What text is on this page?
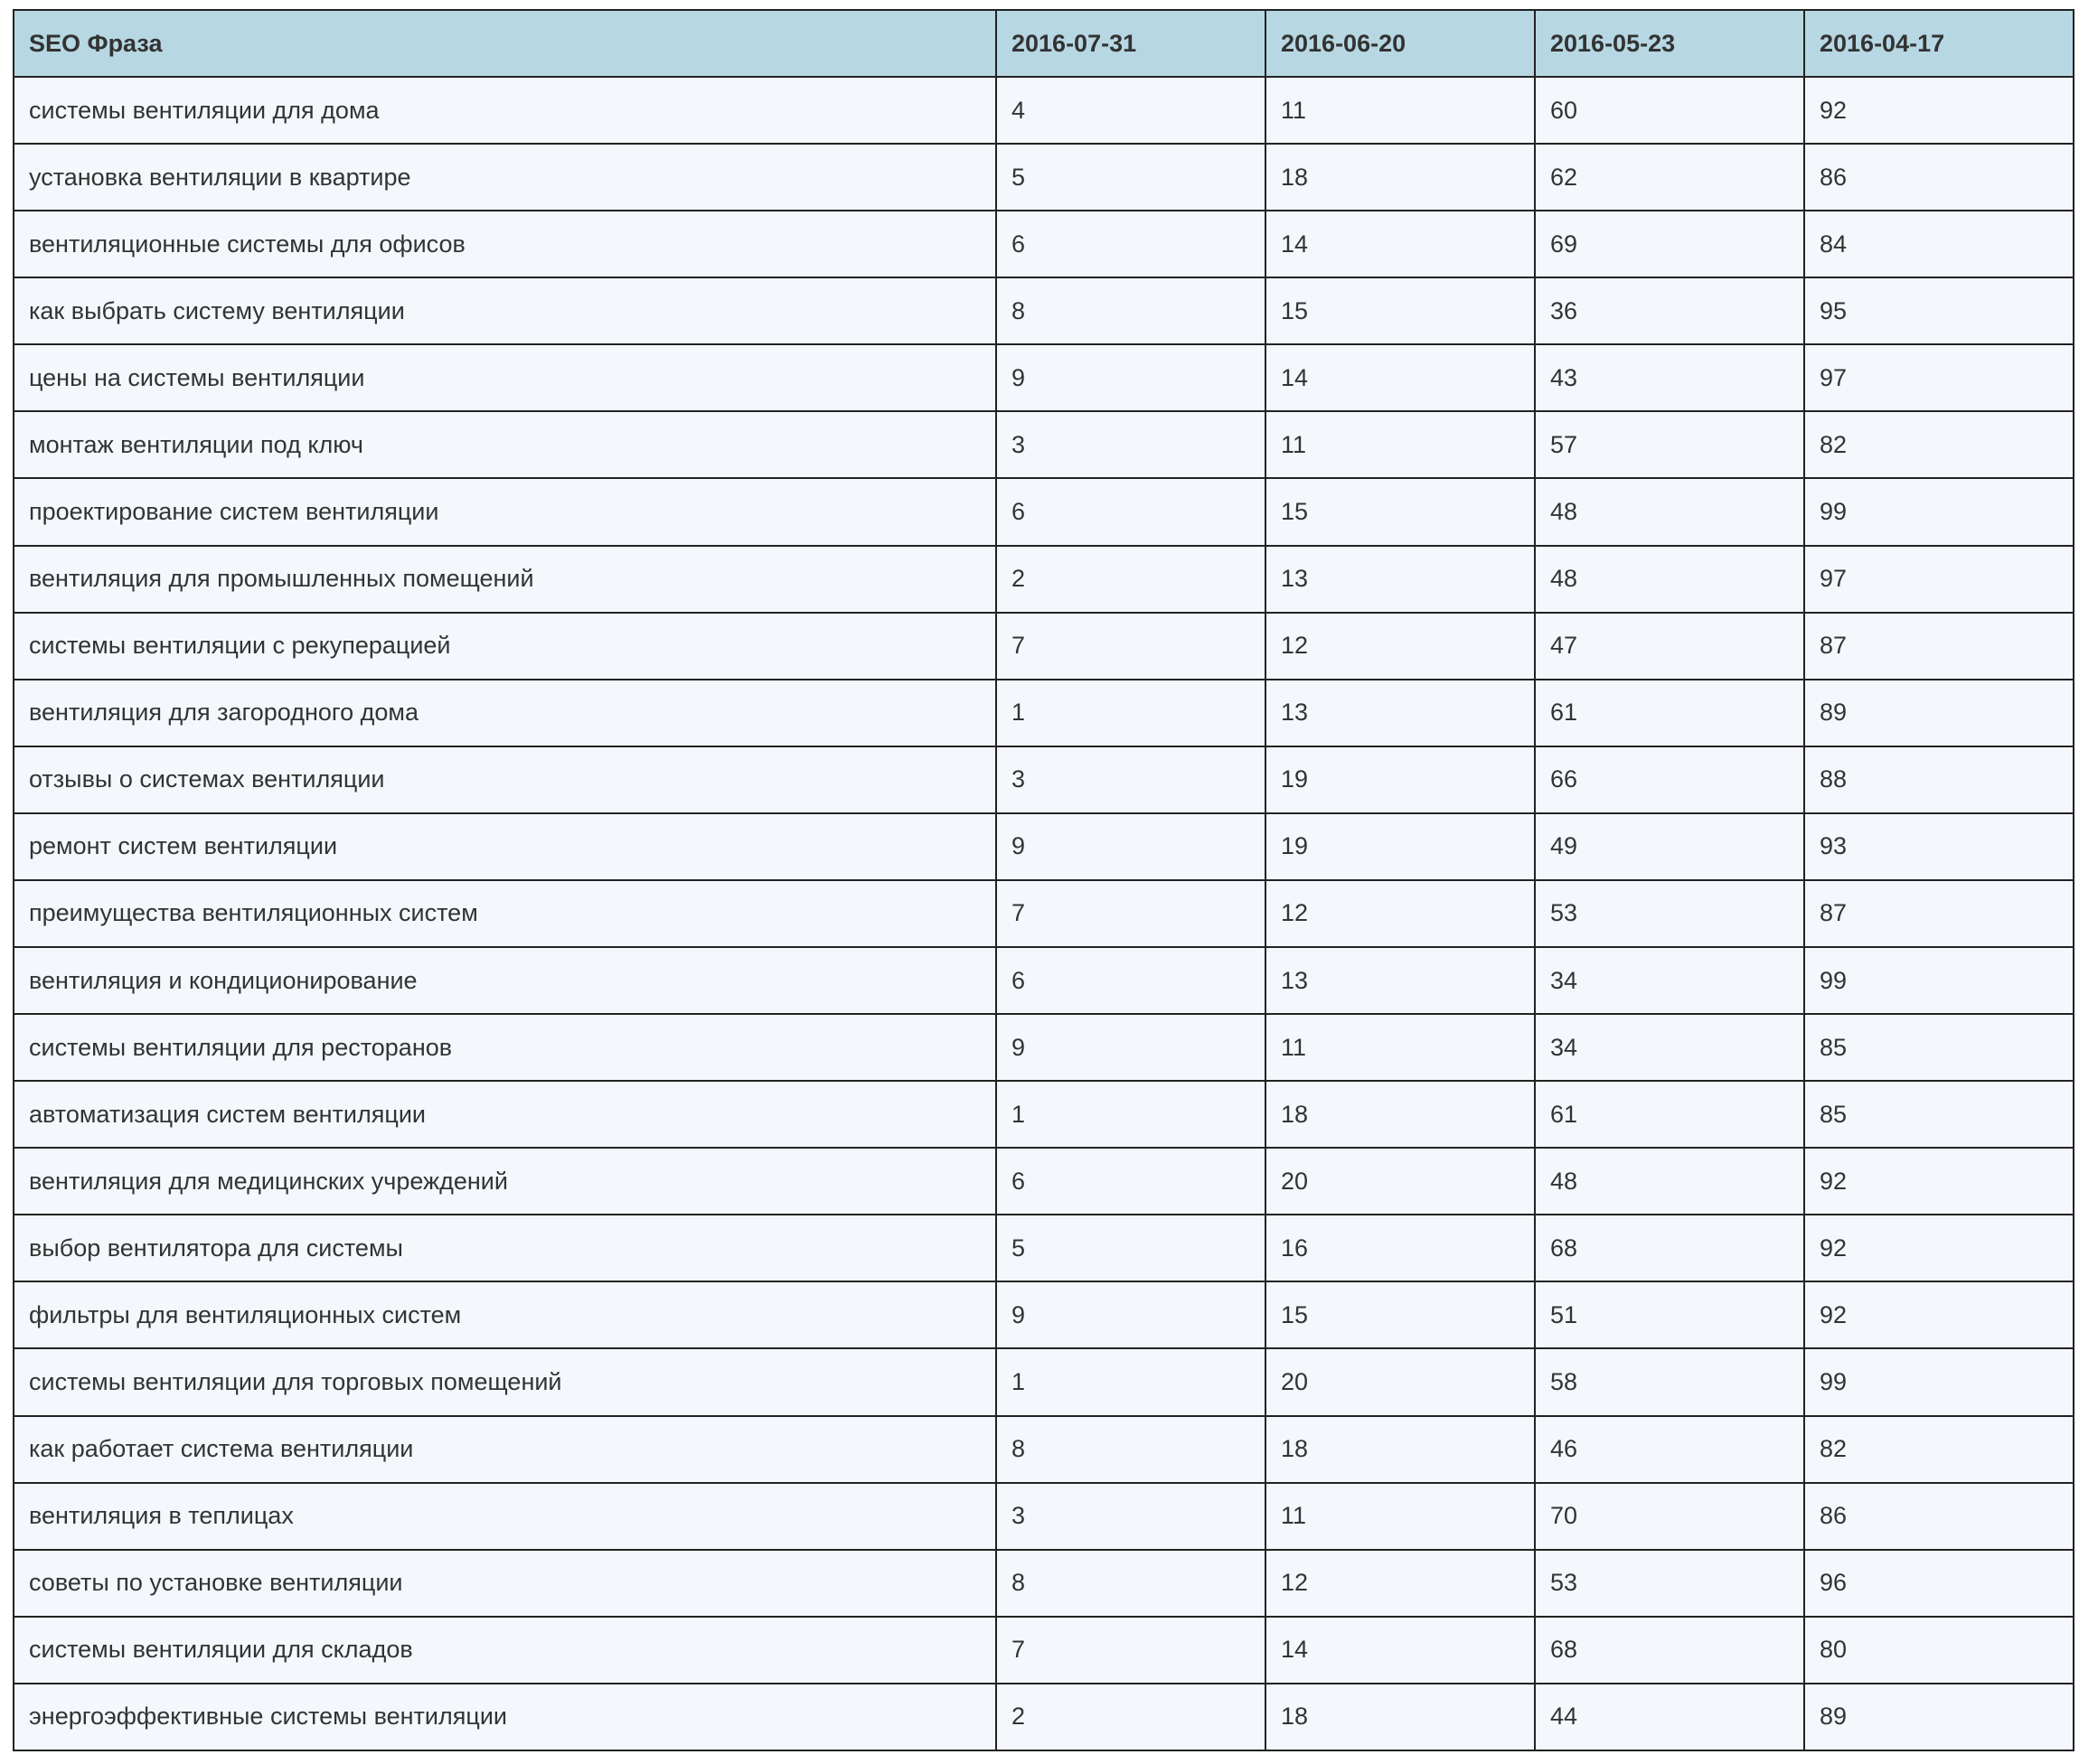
SEO Фраза	2016-07-31	2016-06-20	2016-05-23	2016-04-17
системы вентиляции для дома	4	11	60	92
установка вентиляции в квартире	5	18	62	86
вентиляционные системы для офисов	6	14	69	84
как выбрать систему вентиляции	8	15	36	95
цены на системы вентиляции	9	14	43	97
монтаж вентиляции под ключ	3	11	57	82
проектирование систем вентиляции	6	15	48	99
вентиляция для промышленных помещений	2	13	48	97
системы вентиляции с рекуперацией	7	12	47	87
вентиляция для загородного дома	1	13	61	89
отзывы о системах вентиляции	3	19	66	88
ремонт систем вентиляции	9	19	49	93
преимущества вентиляционных систем	7	12	53	87
вентиляция и кондиционирование	6	13	34	99
системы вентиляции для ресторанов	9	11	34	85
автоматизация систем вентиляции	1	18	61	85
вентиляция для медицинских учреждений	6	20	48	92
выбор вентилятора для системы	5	16	68	92
фильтры для вентиляционных систем	9	15	51	92
системы вентиляции для торговых помещений	1	20	58	99
как работает система вентиляции	8	18	46	82
вентиляция в теплицах	3	11	70	86
советы по установке вентиляции	8	12	53	96
системы вентиляции для складов	7	14	68	80
энергоэффективные системы вентиляции	2	18	44	89
